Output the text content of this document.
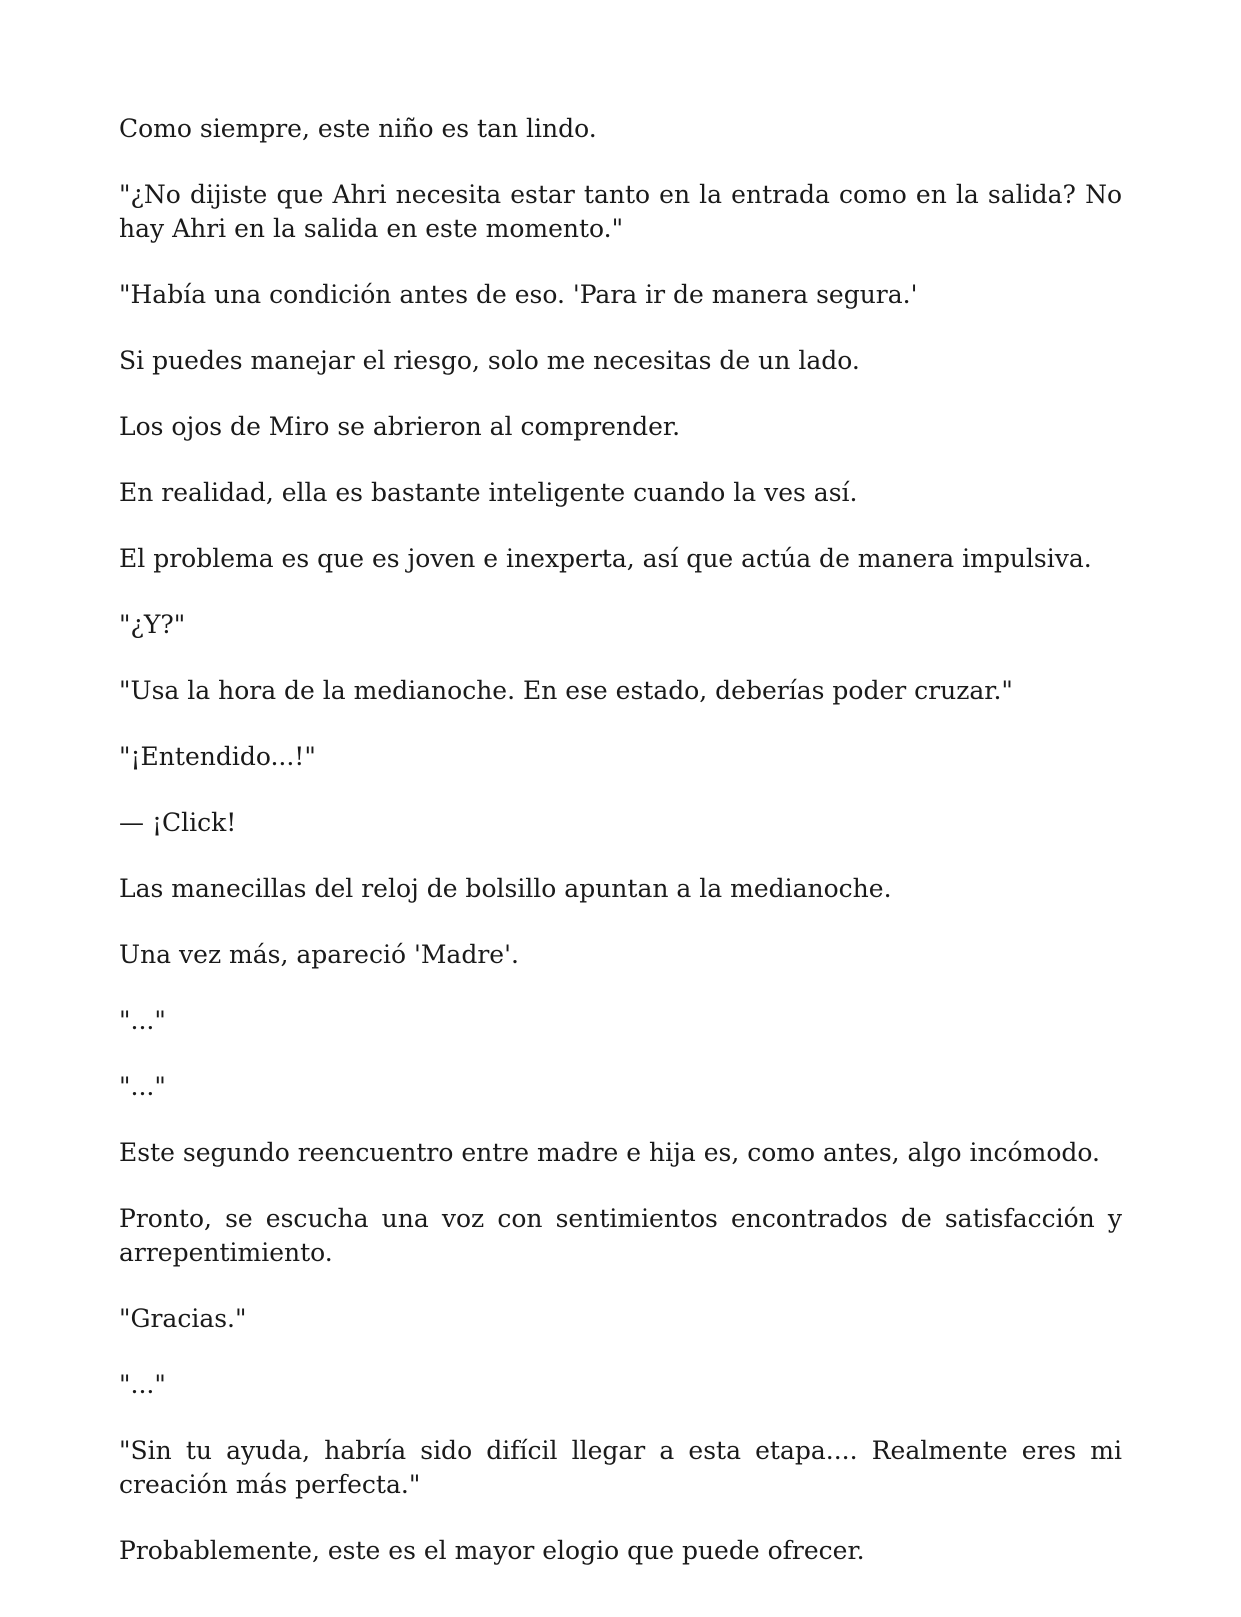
Como siempre, este niño es tan lindo.

"¿No dijiste que Ahri necesita estar tanto en la entrada como en la salida? No hay Ahri en la salida en este momento."

"Había una condición antes de eso. 'Para ir de manera segura.'

Si puedes manejar el riesgo, solo me necesitas de un lado.

Los ojos de Miro se abrieron al comprender.

En realidad, ella es bastante inteligente cuando la ves así.

El problema es que es joven e inexperta, así que actúa de manera impulsiva.

"¿Y?"

"Usa la hora de la medianoche. En ese estado, deberías poder cruzar."

"¡Entendido...!"

— ¡Click!

Las manecillas del reloj de bolsillo apuntan a la medianoche.

Una vez más, apareció 'Madre'.

"..."

"..."

Este segundo reencuentro entre madre e hija es, como antes, algo incómodo.

Pronto, se escucha una voz con sentimientos encontrados de satisfacción y arrepentimiento.

"Gracias."

"..."

"Sin tu ayuda, habría sido difícil llegar a esta etapa.... Realmente eres mi creación más perfecta."

Probablemente, este es el mayor elogio que puede ofrecer.
